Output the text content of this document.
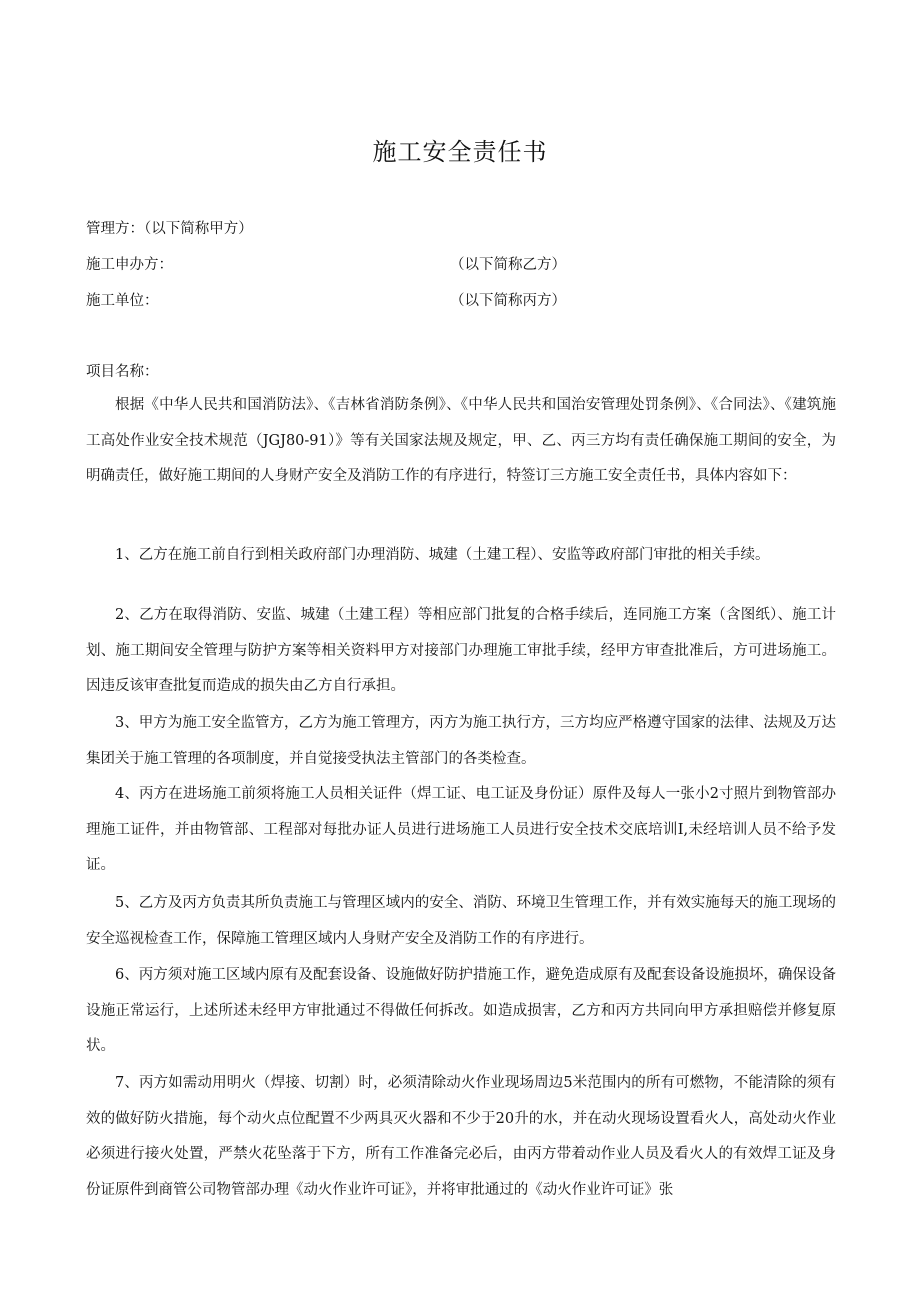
施工安全责任书
管理方：（以下简称甲方）
施工申办方：	（以下简称乙方）
施工单位：	（以下简称丙方）
项目名称：

根据《中华人民共和国消防法》、《吉林省消防条例》、《中华人民共和国治安管理处罚条例》、《合同法》、《建筑施工高处作业安全技术规范（JGJ80-91）》等有关国家法规及规定，甲、乙、丙三方均有责任确保施工期间的安全，为明确责任，做好施工期间的人身财产安全及消防工作的有序进行，特签订三方施工安全责任书，具体内容如下：

1、乙方在施工前自行到相关政府部门办理消防、城建（土建工程）、安监等政府部门审批的相关手续。

2、乙方在取得消防、安监、城建（土建工程）等相应部门批复的合格手续后，连同施工方案（含图纸）、施工计划、施工期间安全管理与防护方案等相关资料甲方对接部门办理施工审批手续，经甲方审查批准后，方可进场施工。因违反该审查批复而造成的损失由乙方自行承担。

3、甲方为施工安全监管方，乙方为施工管理方，丙方为施工执行方，三方均应严格遵守国家的法律、法规及万达集团关于施工管理的各项制度，并自觉接受执法主管部门的各类检查。

4、丙方在进场施工前须将施工人员相关证件（焊工证、电工证及身份证）原件及每人一张小2寸照片到物管部办理施工证件，并由物管部、工程部对每批办证人员进行进场施工人员进行安全技术交底培训I,未经培训人员不给予发证。

5、乙方及丙方负责其所负责施工与管理区域内的安全、消防、环境卫生管理工作，并有效实施每天的施工现场的安全巡视检查工作，保障施工管理区域内人身财产安全及消防工作的有序进行。

6、丙方须对施工区域内原有及配套设备、设施做好防护措施工作，避免造成原有及配套设备设施损坏，确保设备设施正常运行，上述所述未经甲方审批通过不得做任何拆改。如造成损害，乙方和丙方共同向甲方承担赔偿并修复原状。

7、丙方如需动用明火（焊接、切割）时，必须清除动火作业现场周边5米范围内的所有可燃物，不能清除的须有效的做好防火措施，每个动火点位配置不少两具灭火器和不少于20升的水，并在动火现场设置看火人，高处动火作业必须进行接火处置，严禁火花坠落于下方，所有工作准备完必后，由丙方带着动作业人员及看火人的有效焊工证及身份证原件到商管公司物管部办理《动火作业许可证》，并将审批通过的《动火作业许可证》张
